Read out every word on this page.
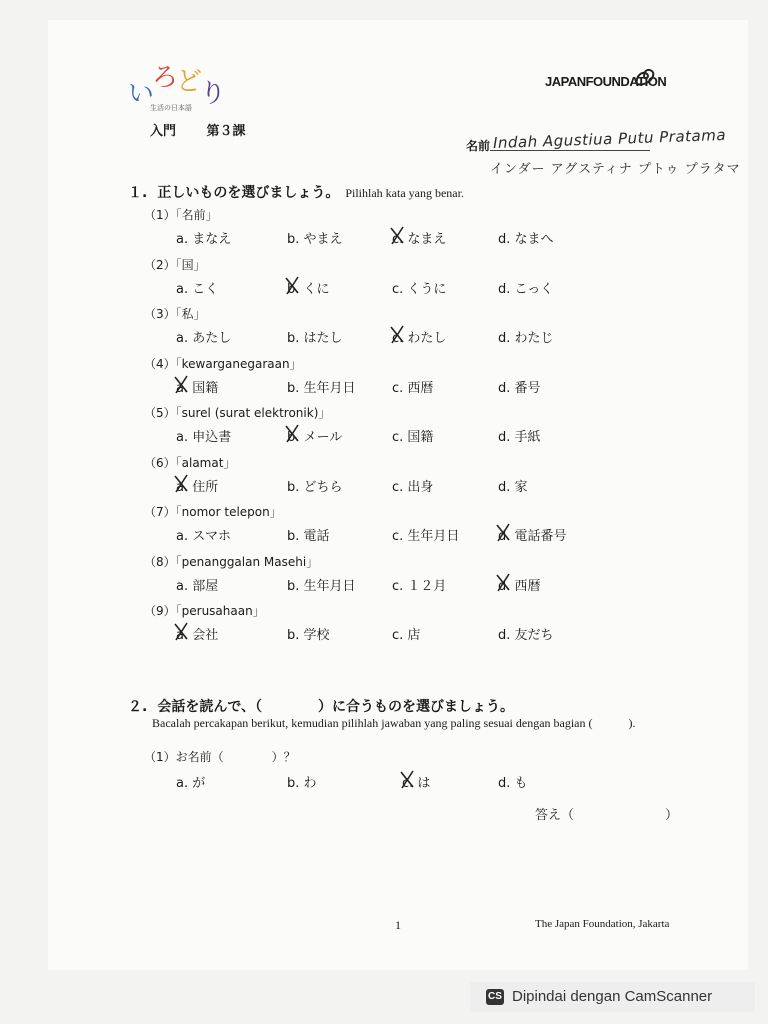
い
ろ
ど
り
生活の日本語
JAPANFOUNDATION
入門 第３課
名前 Indah Agustiua Putu Pratama
インダー アグスティナ プトゥ プラタマ
１. 正しいものを選びましょう。 Pilihlah kata yang benar.
（1）「名前」
a. まなえ	b. やまえ	c. なまえ	d. なまへ
（2）「国」
a. こく	b. くに	c. くうに	d. こっく
（3）「私」
a. あたし	b. はたし	c. わたし	d. わたじ
（4）「kewarganegaraan」
a. 国籍	b. 生年月日	c. 西暦	d. 番号
（5）「surel (surat elektronik)」
a. 申込書	b. メール	c. 国籍	d. 手紙
（6）「alamat」
a. 住所	b. どちら	c. 出身	d. 家
（7）「nomor telepon」
a. スマホ	b. 電話	c. 生年月日	d. 電話番号
（8）「penanggalan Masehi」
a. 部屋	b. 生年月日	c. １２月	d. 西暦
（9）「perusahaan」
a. 会社	b. 学校	c. 店	d. 友だち
２. 会話を読んで、（　　　　）に合うものを選びましょう。
Bacalah percakapan berikut, kemudian pilihlah jawaban yang paling sesuai dengan bagian (　　　).
（1）お名前（　　　　）？
a. が	b. わ	c. は	d. も
答え（　　　　　　　）
1	The Japan Foundation, Jakarta
CS Dipindai dengan CamScanner
